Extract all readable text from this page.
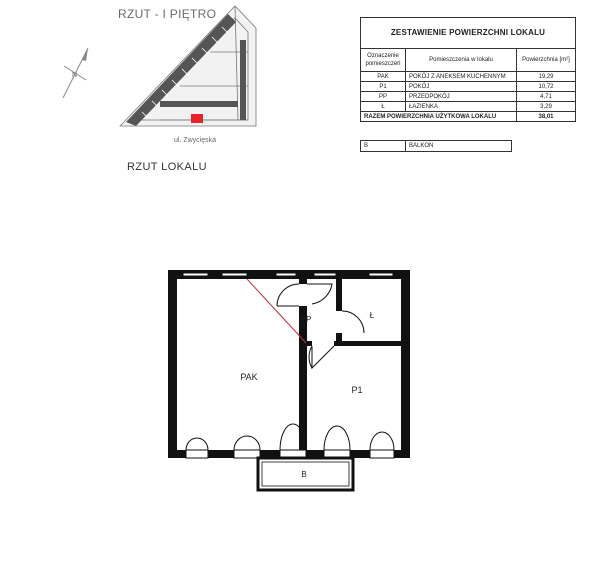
RZUT - I PIĘTRO
N
ul. Zwycięska
RZUT LOKALU
ZESTAWIENIE POWIERZCHNI LOKALU		
Oznaczenie pomieszczeń	Pomieszczenia w lokalu	Powierzchnia [m²]
PAK	POKÓJ Z ANEKSEM KUCHENNYM	19,29
P1	POKÓJ	10,72
PP	PRZEDPOKÓJ	4,71
Ł	ŁAZIENKA	3,29
RAZEM POWIERZCHNIA UŻYTKOWA LOKALU		38,01
B	BALKON
PAK
PP	Ł
P1
B
